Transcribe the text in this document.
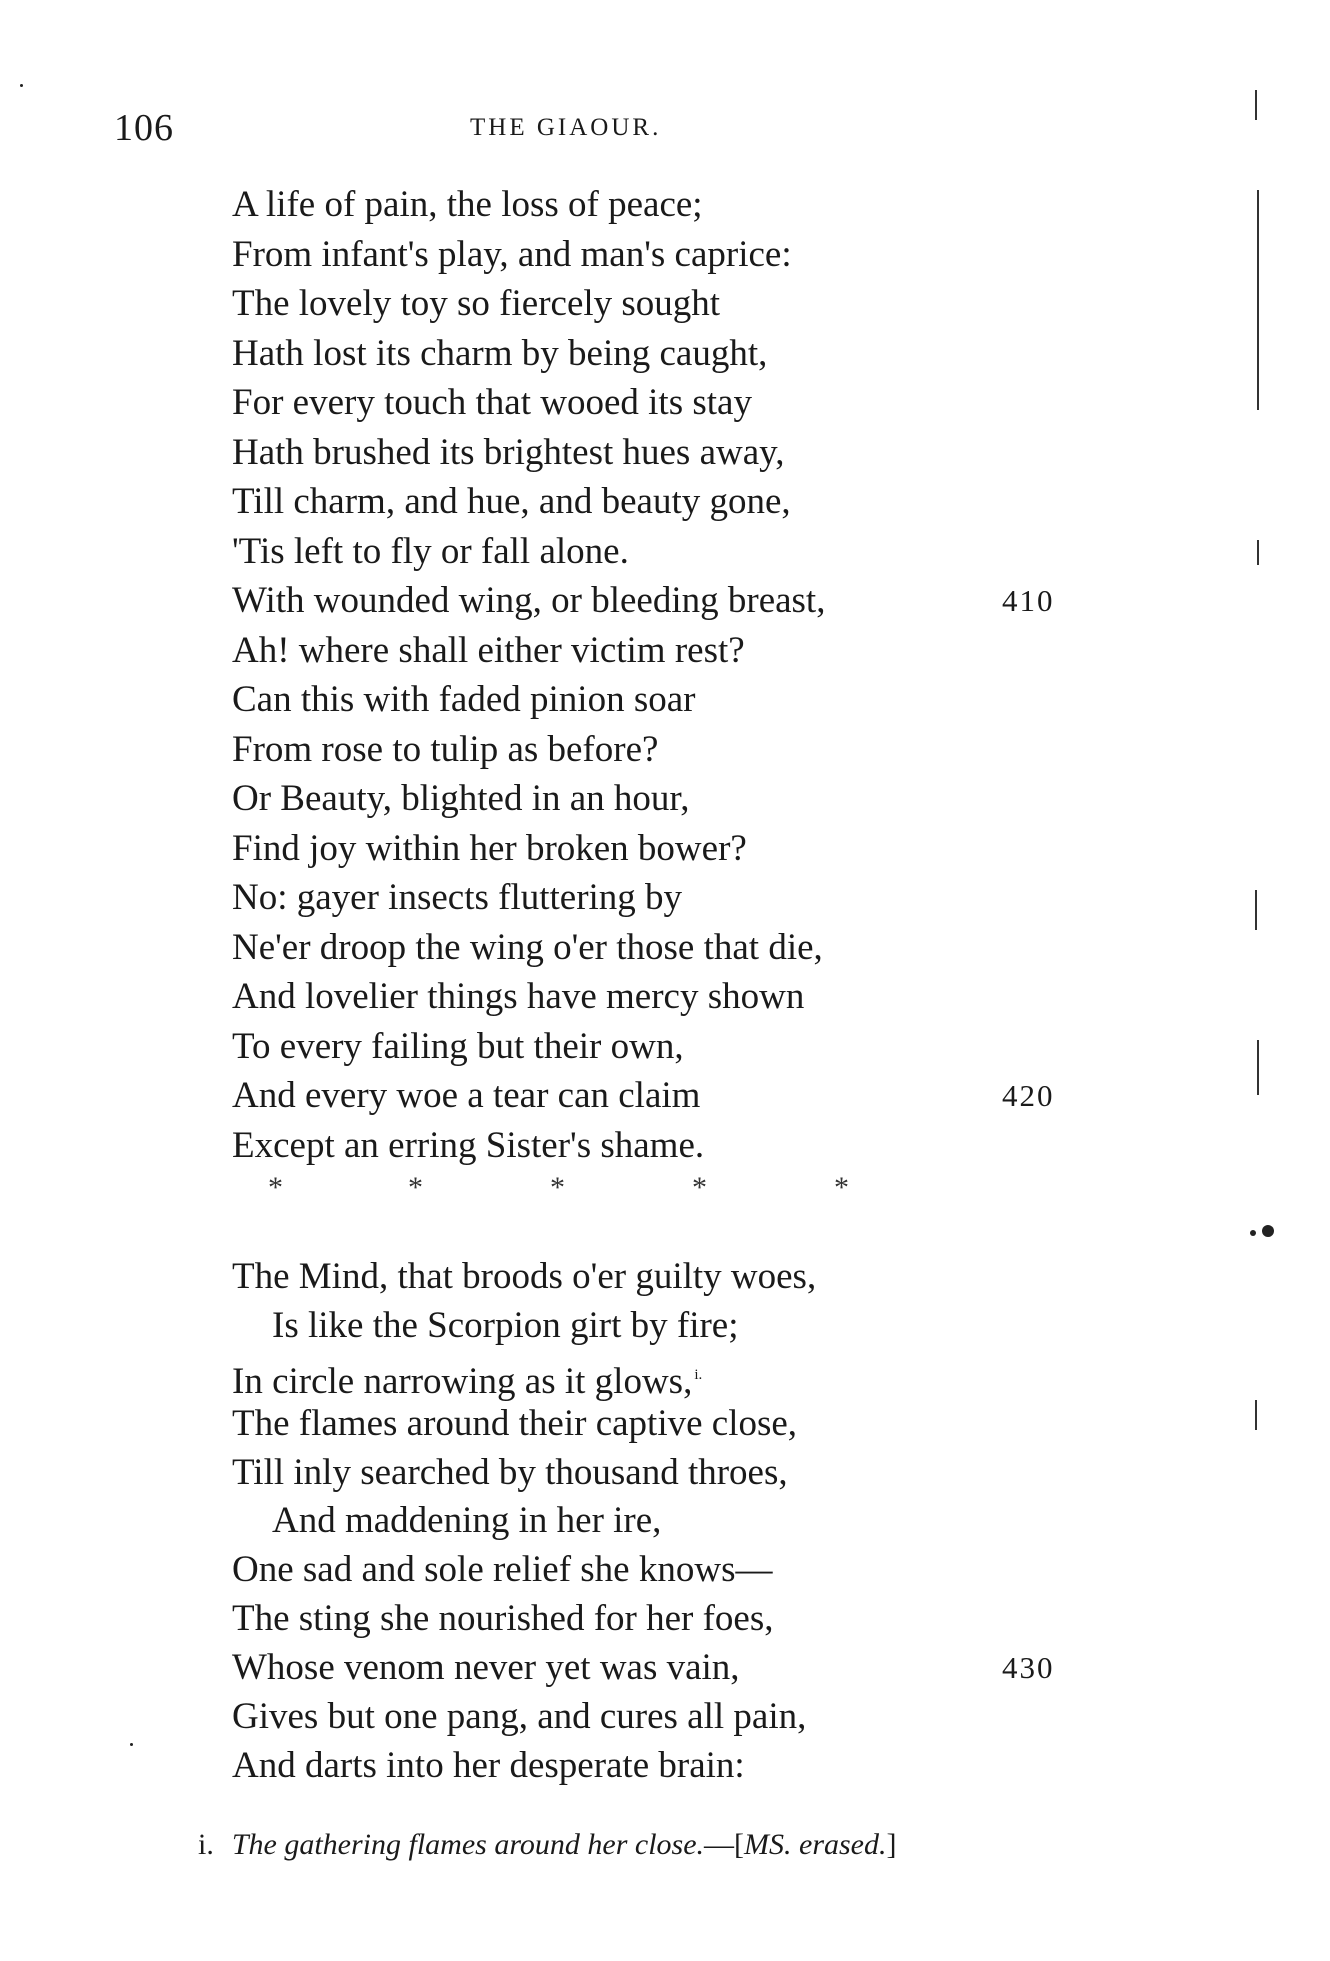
106	THE GIAOUR.
A life of pain, the loss of peace;
From infant's play, and man's caprice:
The lovely toy so fiercely sought
Hath lost its charm by being caught,
For every touch that wooed its stay
Hath brushed its brightest hues away,
Till charm, and hue, and beauty gone,
'Tis left to fly or fall alone.
With wounded wing, or bleeding breast,	410
Ah! where shall either victim rest?
Can this with faded pinion soar
From rose to tulip as before?
Or Beauty, blighted in an hour,
Find joy within her broken bower?
No: gayer insects fluttering by
Ne'er droop the wing o'er those that die,
And lovelier things have mercy shown
To every failing but their own,
And every woe a tear can claim	420
Except an erring Sister's shame.
*	*	*	*	*
The Mind, that broods o'er guilty woes,
Is like the Scorpion girt by fire;
In circle narrowing as it glows, $^{i.}$
The flames around their captive close,
Till inly searched by thousand throes,
And maddening in her ire,
One sad and sole relief she knows—
The sting she nourished for her foes,
Whose venom never yet was vain,	430
Gives but one pang, and cures all pain,
And darts into her desperate brain:
i. The gathering flames around her close.—[MS. erased.]
